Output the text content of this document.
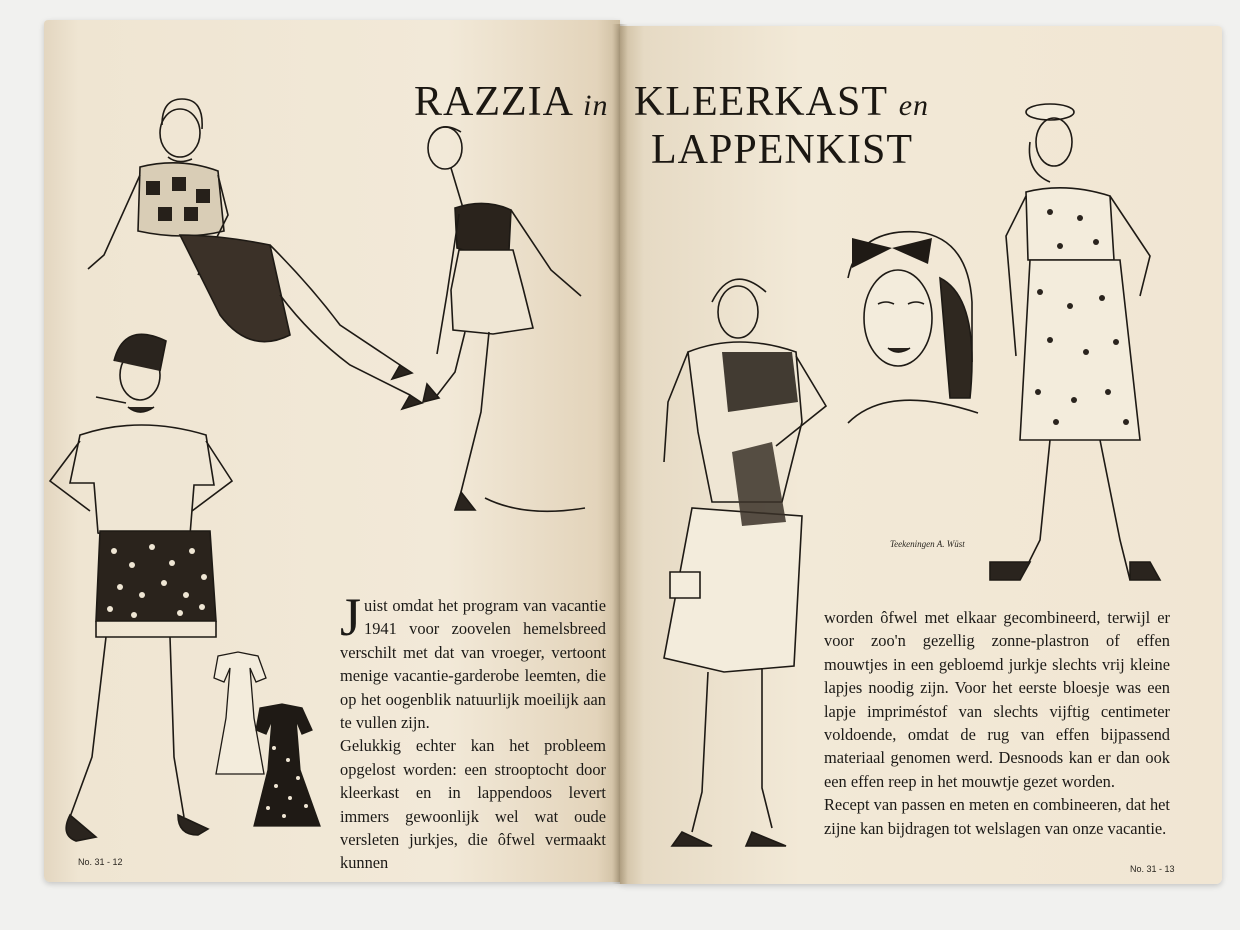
RAZZIA in KLEERKAST en
LAPPENKIST
J uist omdat het program van vacantie 1941 voor zoovelen hemelsbreed verschilt met dat van vroeger, vertoont menige vacantie-garderobe leemten, die op het oogenblik natuurlijk moeilijk aan te vullen zijn.
Gelukkig echter kan het probleem opgelost worden: een strooptocht door kleerkast en in lappendoos levert immers gewoonlijk wel wat oude versleten jurkjes, die ôfwel vermaakt kunnen
worden ôfwel met elkaar gecombineerd, terwijl er voor zoo'n gezellig zonne-plastron of effen mouwtjes in een gebloemd jurkje slechts vrij kleine lapjes noodig zijn. Voor het eerste bloesje was een lapje impriméstof van slechts vijftig centimeter voldoende, omdat de rug van effen bijpassend materiaal genomen werd. Desnoods kan er dan ook een effen reep in het mouwtje gezet worden.
Recept van passen en meten en combineeren, dat het zijne kan bijdragen tot welslagen van onze vacantie.
Teekeningen A. Wüst
No. 31 - 12
No. 31 - 13
